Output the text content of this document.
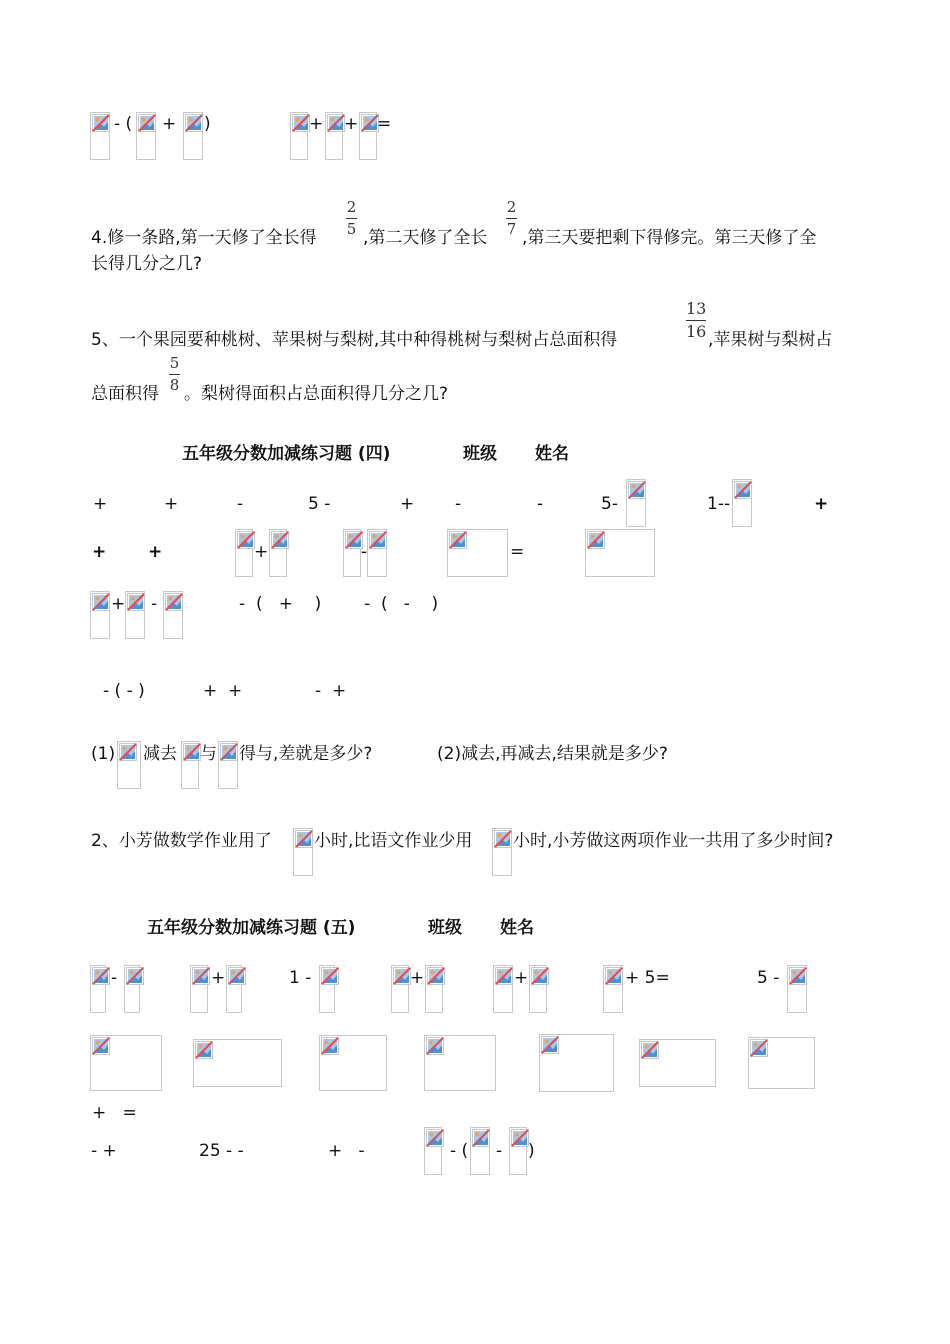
- ( + )	+ + =
4.修一条路,第一天修了全长得
2
5 ,第二天修了全长
2
7 ,第三天要把剩下得修完。第三天修了全
长得几分之几?
5、一个果园要种桃树、苹果树与梨树,其中种得桃树与梨树占总面积得
13
16 ,苹果树与梨树占
总面积得
5
8 。梨树得面积占总面积得几分之几?
五年级分数加减练习题 (四)	班级 姓名
+	+	-	5 -	+ -	-	5-	1--	+
+ +	+	-	=
+ -	-  (   +    )	-  (   -    )
- ( - )	+  +	-  +
(1) 减去 与 得与,差就是多少?	(2)减去,再减去,结果就是多少?
2、小芳做数学作业用了 小时,比语文作业少用 小时,小芳做这两项作业一共用了多少时间?
五年级分数加减练习题 (五)	班级 姓名
-	+	1 -	+	+	+ 5=	5 -
+   =
- +	25 - -	+   -	- ( - )
